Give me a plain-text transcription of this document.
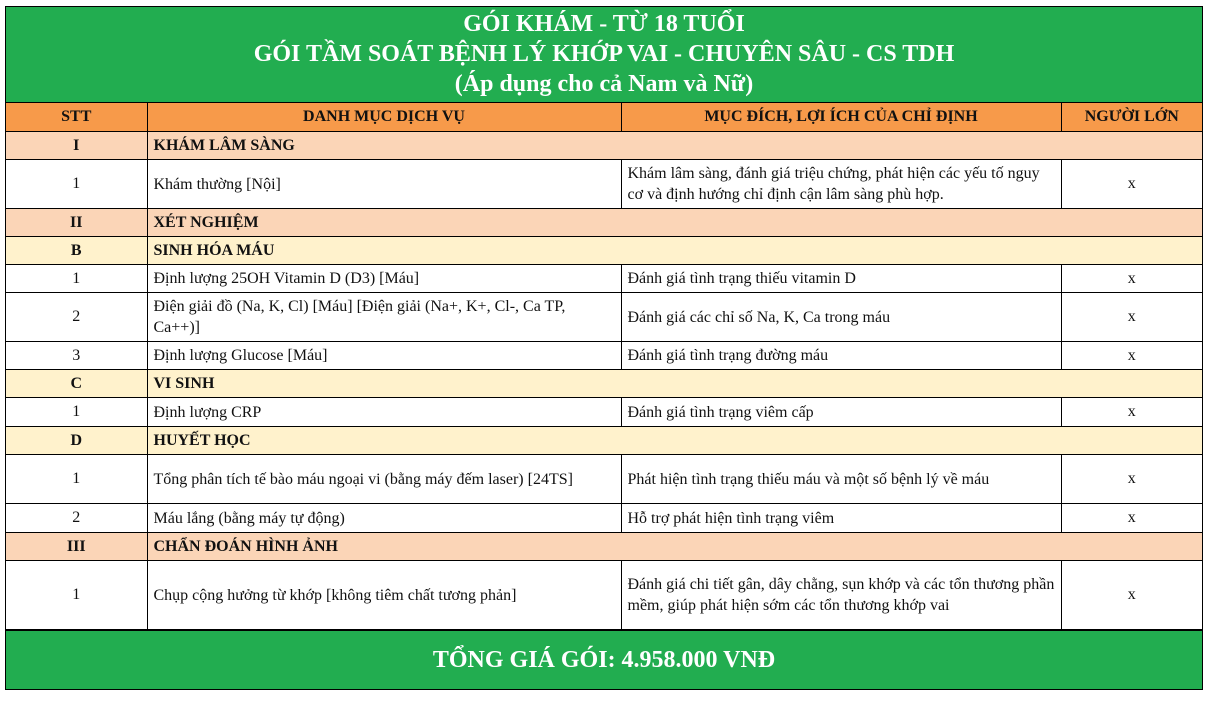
GÓI KHÁM - TỪ 18 TUỔI
GÓI TẦM SOÁT BỆNH LÝ KHỚP VAI - CHUYÊN SÂU - CS TDH
(Áp dụng cho cả Nam và Nữ)
STT	DANH MỤC DỊCH VỤ	MỤC ĐÍCH, LỢI ÍCH CỦA CHỈ ĐỊNH	NGƯỜI LỚN
I	KHÁM LÂM SÀNG		
1	Khám thường [Nội]	Khám lâm sàng, đánh giá triệu chứng, phát hiện các yếu tố nguy cơ và định hướng chỉ định cận lâm sàng phù hợp.	x
II	XÉT NGHIỆM		
B	SINH HÓA MÁU		
1	Định lượng 25OH Vitamin D (D3) [Máu]	Đánh giá tình trạng thiếu vitamin D	x
2	Điện giải đồ (Na, K, Cl) [Máu] [Điện giải (Na+, K+, Cl-, Ca TP, Ca++)]	Đánh giá các chỉ số Na, K, Ca trong máu	x
3	Định lượng Glucose [Máu]	Đánh giá tình trạng đường máu	x
C	VI SINH		
1	Định lượng CRP	Đánh giá tình trạng viêm cấp	x
D	HUYẾT HỌC		
1	Tổng phân tích tế bào máu ngoại vi (bằng máy đếm laser) [24TS]	Phát hiện tình trạng thiếu máu và một số bệnh lý về máu	x
2	Máu lắng (bằng máy tự động)	Hỗ trợ phát hiện tình trạng viêm	x
III	CHẨN ĐOÁN HÌNH ẢNH		
1	Chụp cộng hưởng từ khớp [không tiêm chất tương phản]	Đánh giá chi tiết gân, dây chằng, sụn khớp và các tổn thương phần mềm, giúp phát hiện sớm các tổn thương khớp vai	x
TỔNG GIÁ GÓI: 4.958.000 VNĐ
